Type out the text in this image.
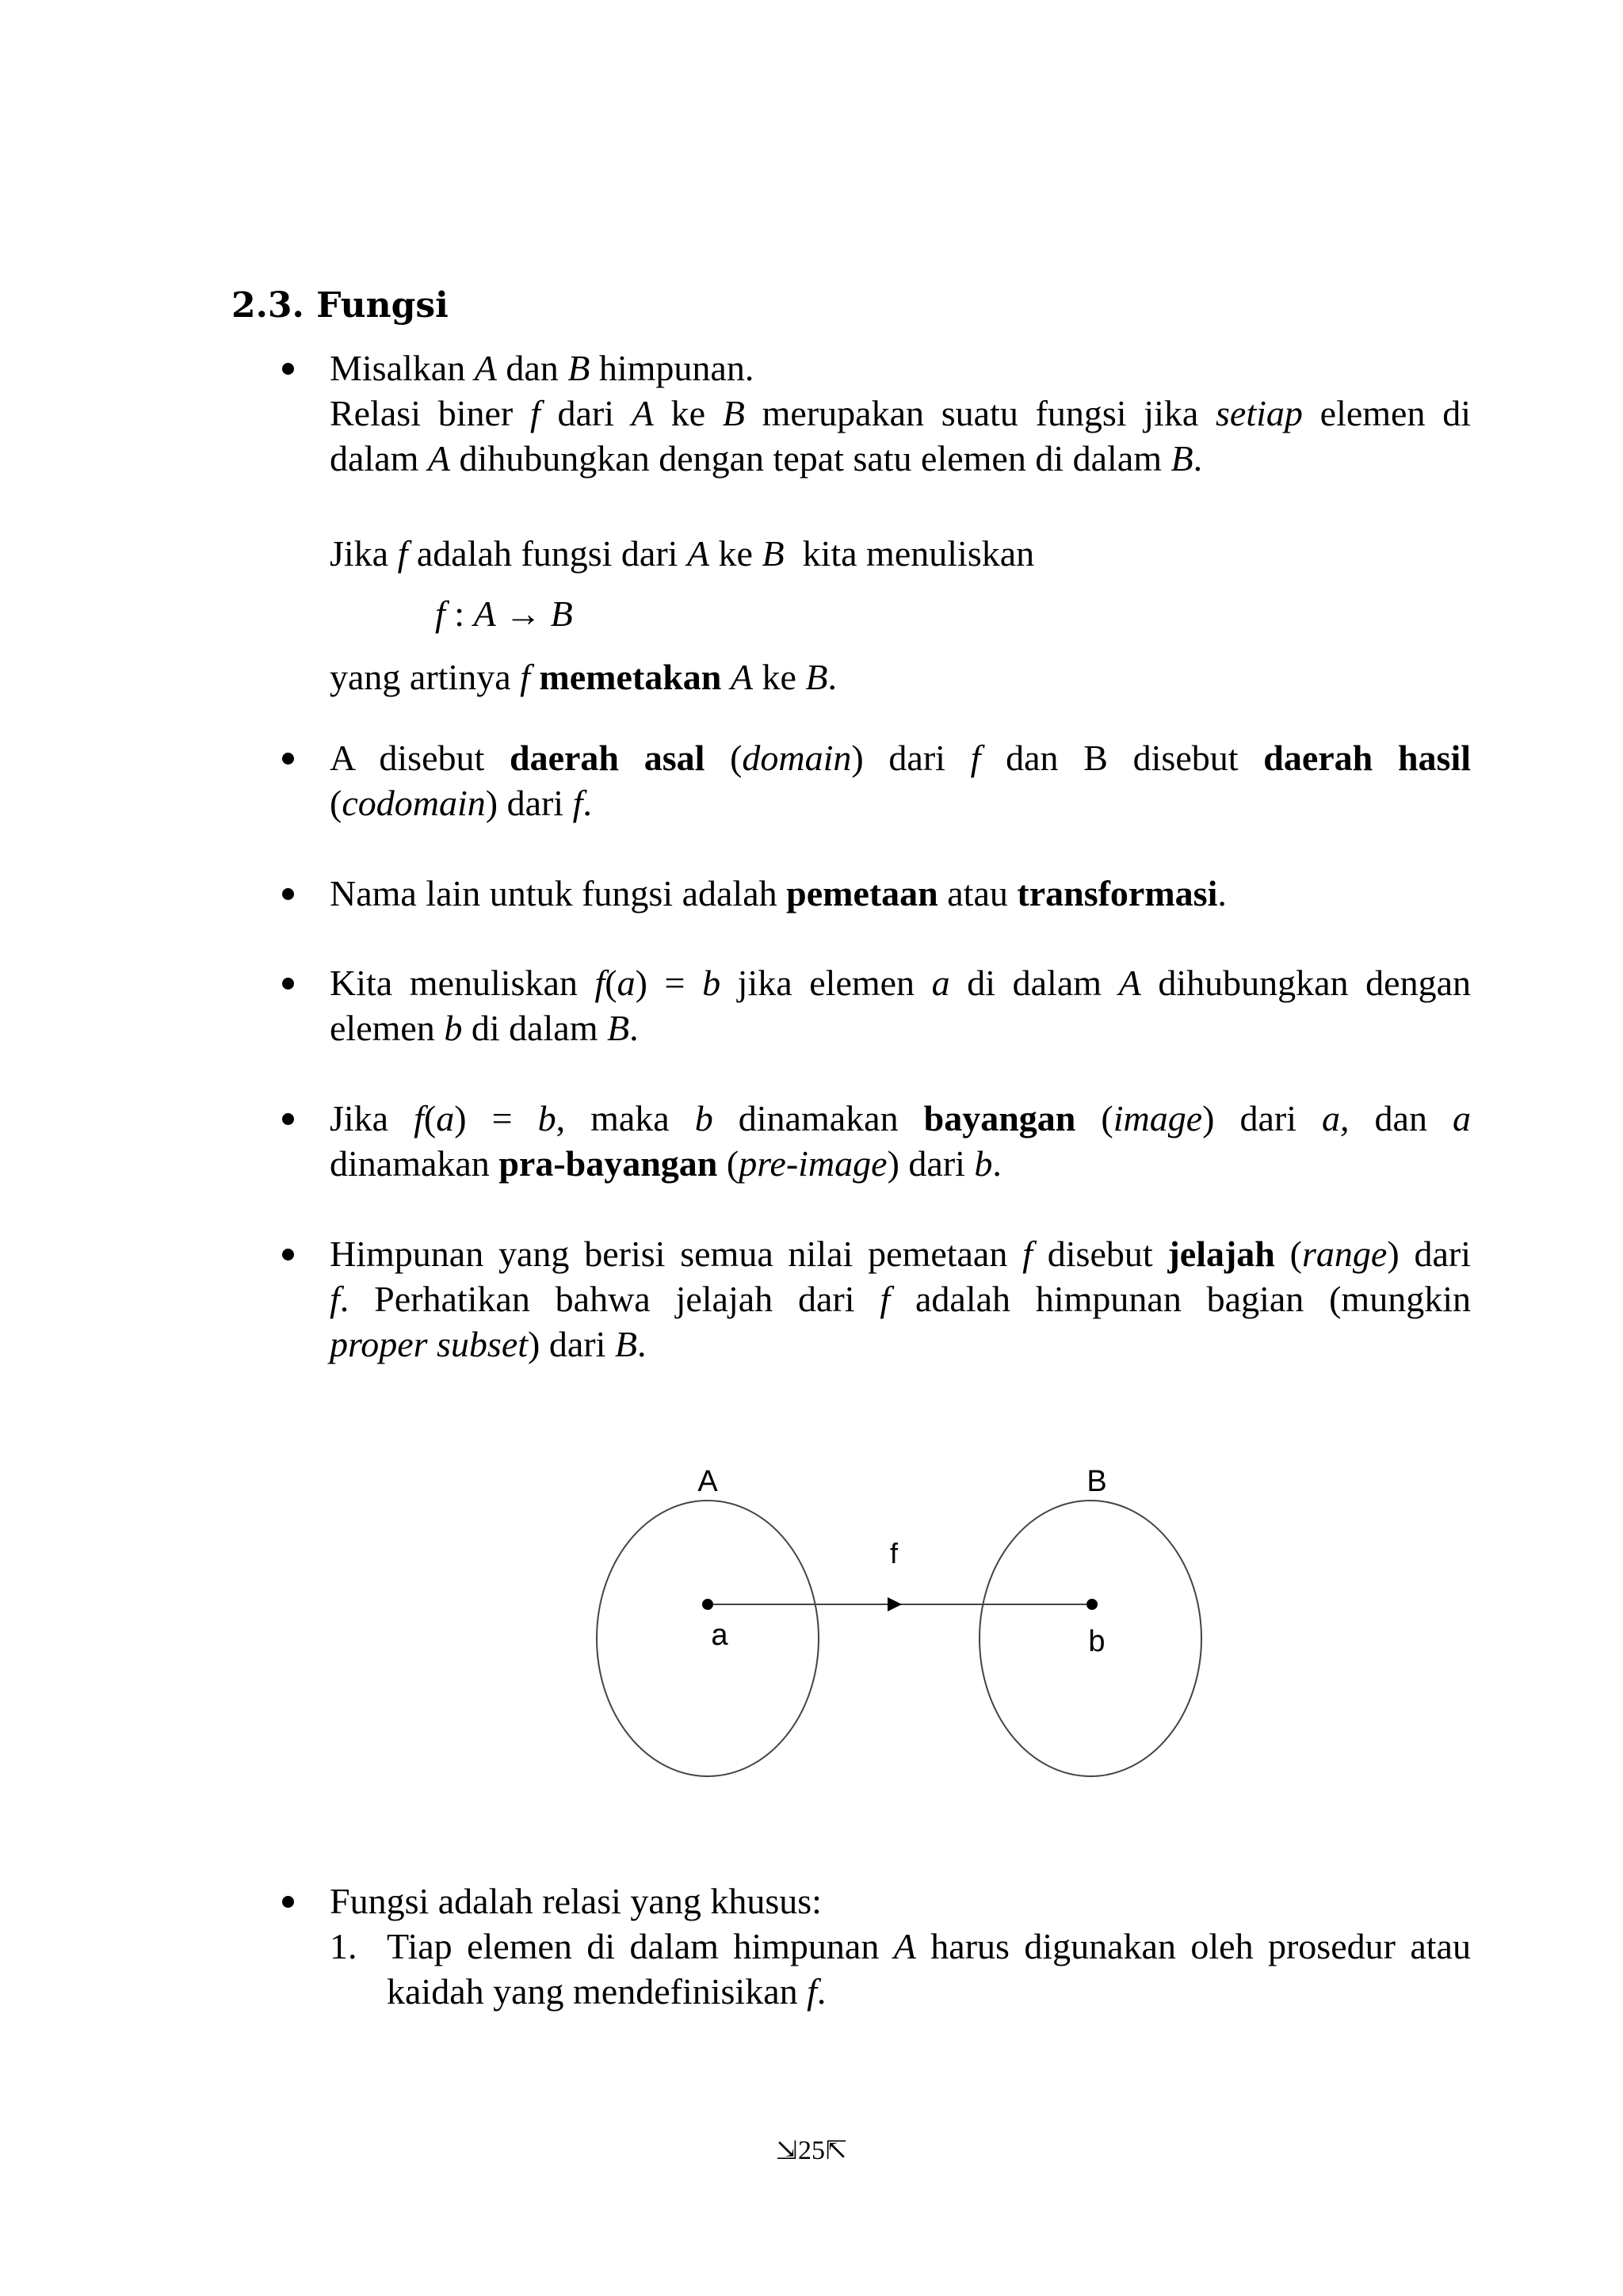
2.3. Fungsi

Misalkan A dan B himpunan.

Relasi biner f dari A ke B merupakan suatu fungsi jika setiap elemen di

dalam A dihubungkan dengan tepat satu elemen di dalam B.

Jika f adalah fungsi dari A ke B  kita menuliskan

f : A → B

yang artinya f memetakan A ke B.

A disebut daerah asal (domain) dari f dan B disebut daerah hasil

(codomain) dari f.

Nama lain untuk fungsi adalah pemetaan atau transformasi.

Kita menuliskan f(a) = b jika elemen a di dalam A dihubungkan dengan

elemen b di dalam B.

Jika f(a) = b, maka b dinamakan bayangan (image) dari a, dan a

dinamakan pra-bayangan (pre-image) dari b.

Himpunan yang berisi semua nilai pemetaan f disebut jelajah (range) dari

f. Perhatikan bahwa jelajah dari f adalah himpunan bagian (mungkin

proper subset) dari B.

A	B
f
a	b

Fungsi adalah relasi yang khusus:

1. Tiap elemen di dalam himpunan A harus digunakan oleh prosedur atau

kaidah yang mendefinisikan f.

⇲25⇱
